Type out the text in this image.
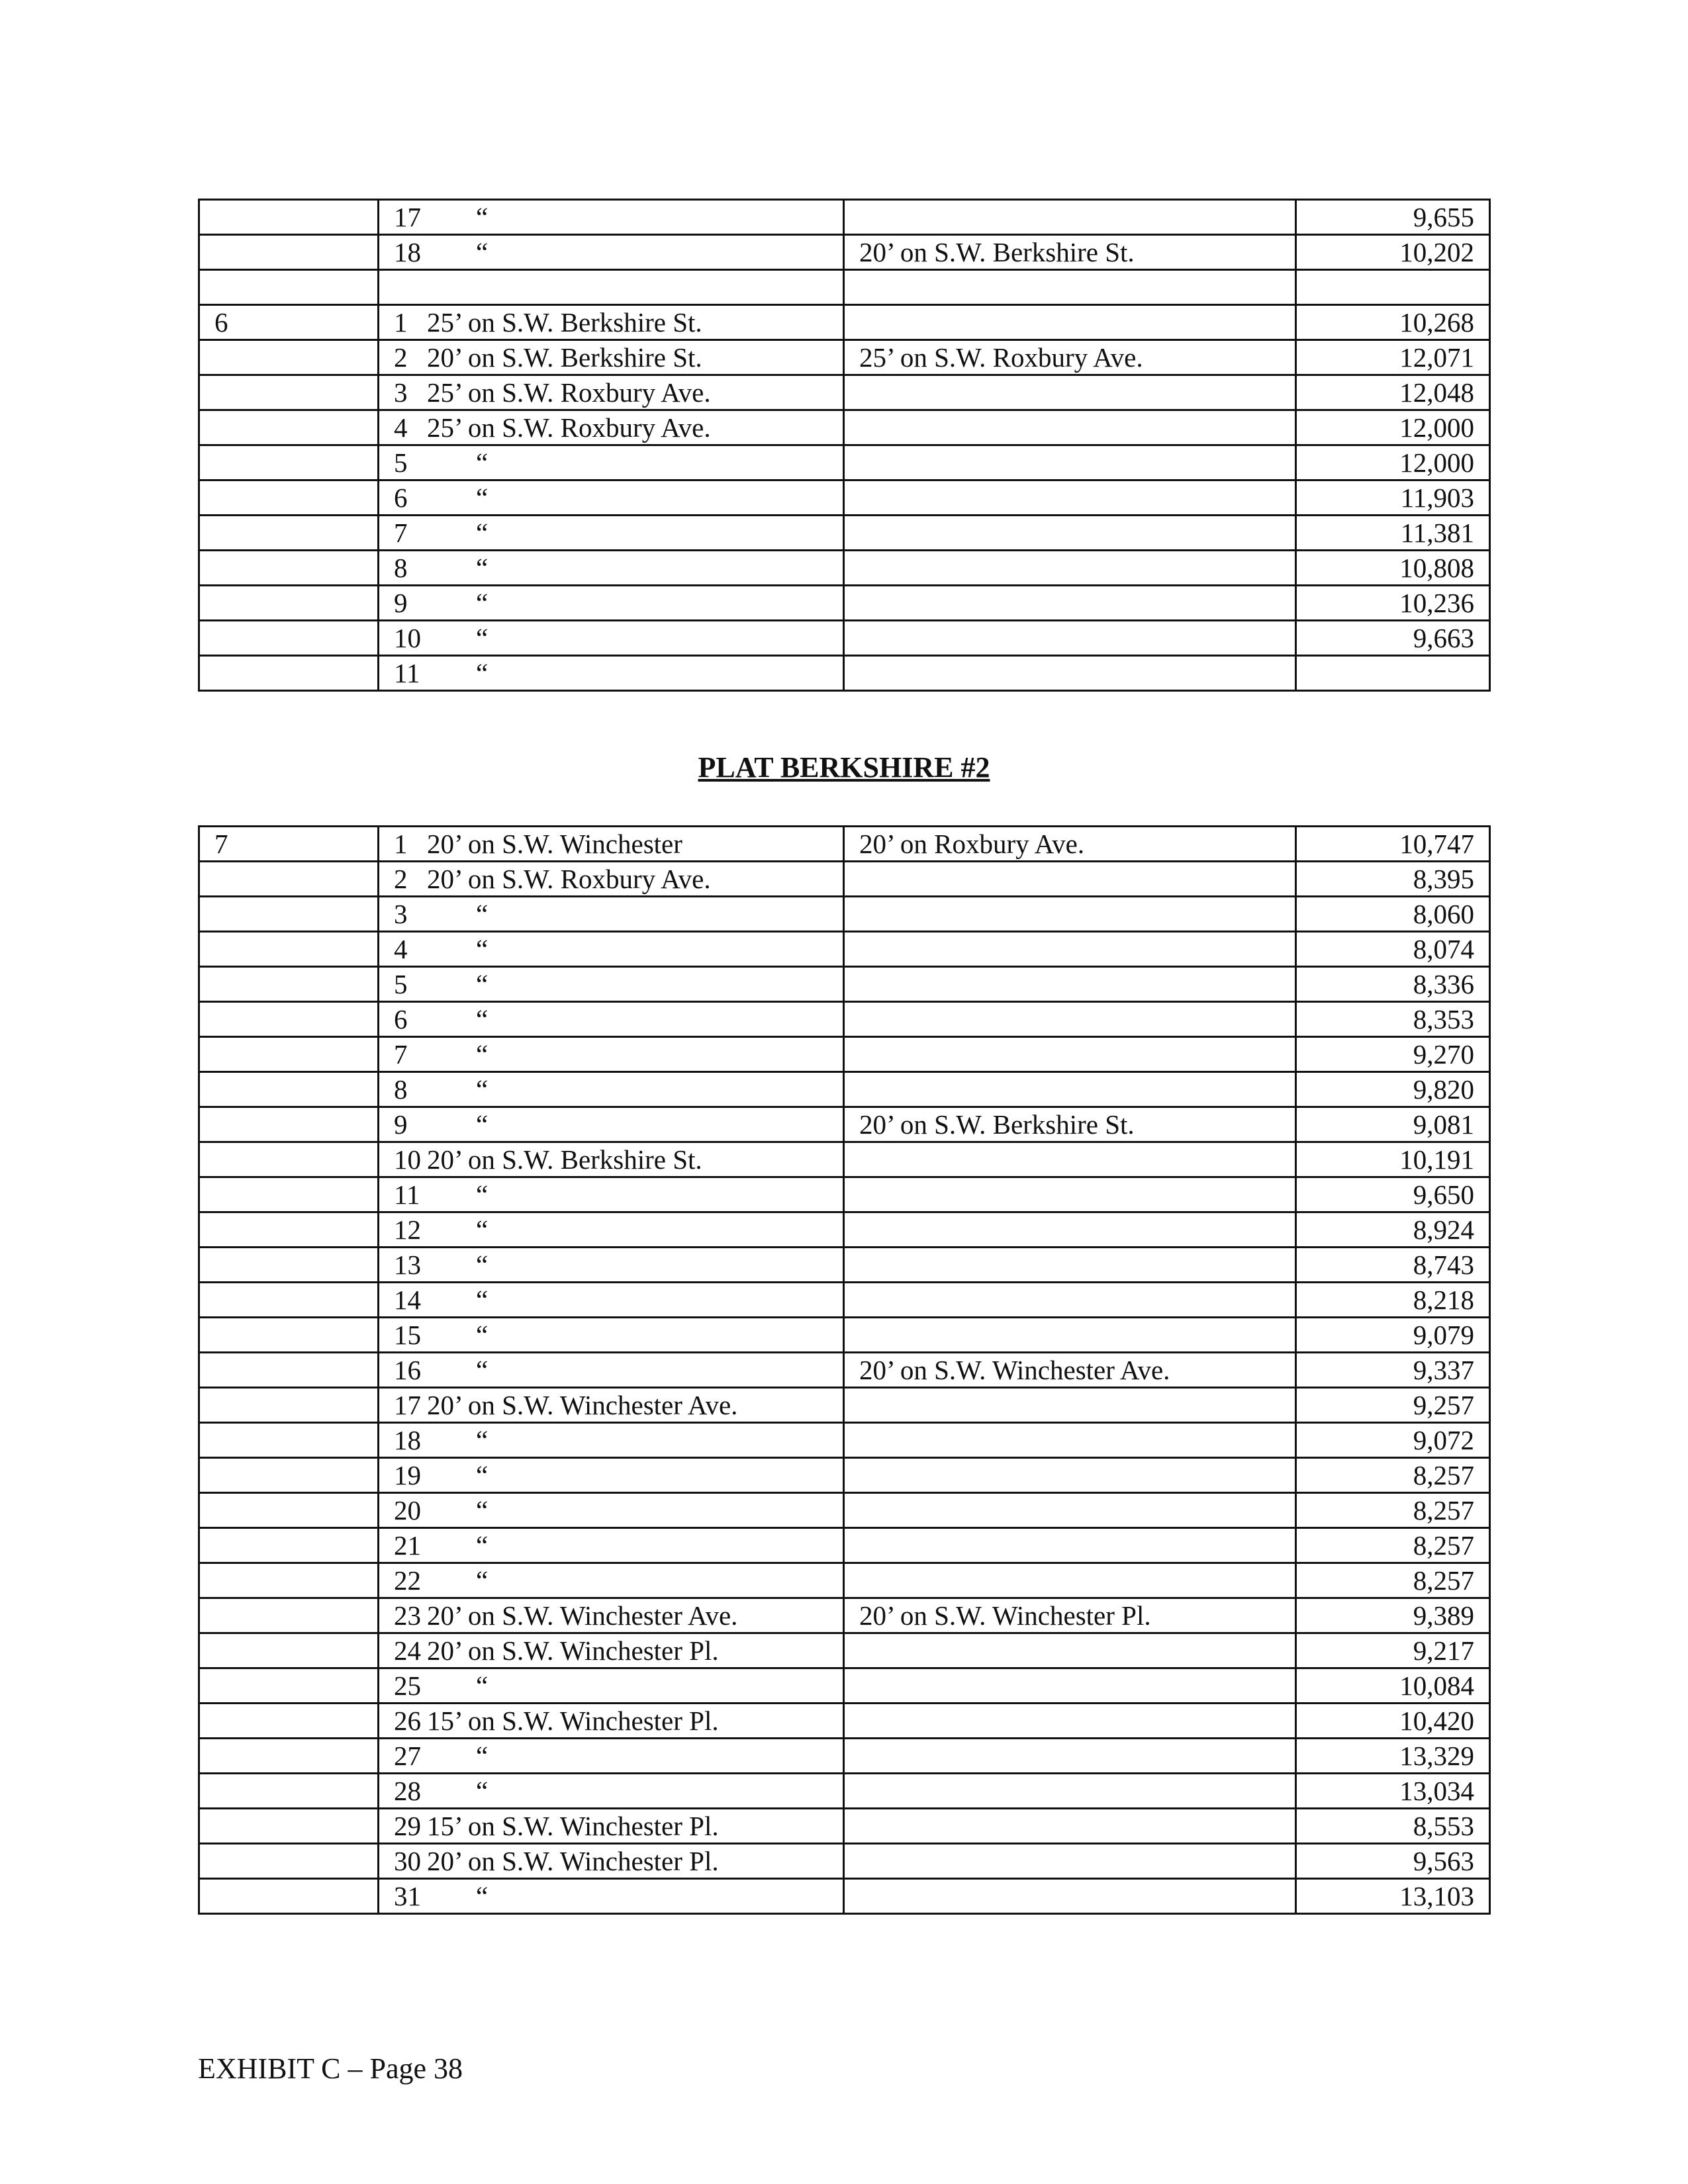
	17 “		9,655
	18 “	20’ on S.W. Berkshire St.	10,202

6	1 25’ on S.W. Berkshire St.		10,268
	2 20’ on S.W. Berkshire St.	25’ on S.W. Roxbury Ave.	12,071
	3 25’ on S.W. Roxbury Ave.		12,048
	4 25’ on S.W. Roxbury Ave.		12,000
	5 “		12,000
	6 “		11,903
	7 “		11,381
	8 “		10,808
	9 “		10,236
	10 “		9,663
	11 “		
PLAT BERKSHIRE #2
7	1 20’ on S.W. Winchester	20’ on Roxbury Ave.	10,747
	2 20’ on S.W. Roxbury Ave.		8,395
	3 “		8,060
	4 “		8,074
	5 “		8,336
	6 “		8,353
	7 “		9,270
	8 “		9,820
	9 “	20’ on S.W. Berkshire St.	9,081
	10 20’ on S.W. Berkshire St.		10,191
	11 “		9,650
	12 “		8,924
	13 “		8,743
	14 “		8,218
	15 “		9,079
	16 “	20’ on S.W. Winchester Ave.	9,337
	17 20’ on S.W. Winchester Ave.		9,257
	18 “		9,072
	19 “		8,257
	20 “		8,257
	21 “		8,257
	22 “		8,257
	23 20’ on S.W. Winchester Ave.	20’ on S.W. Winchester Pl.	9,389
	24 20’ on S.W. Winchester Pl.		9,217
	25 “		10,084
	26 15’ on S.W. Winchester Pl.		10,420
	27 “		13,329
	28 “		13,034
	29 15’ on S.W. Winchester Pl.		8,553
	30 20’ on S.W. Winchester Pl.		9,563
	31 “		13,103
EXHIBIT C – Page 38
